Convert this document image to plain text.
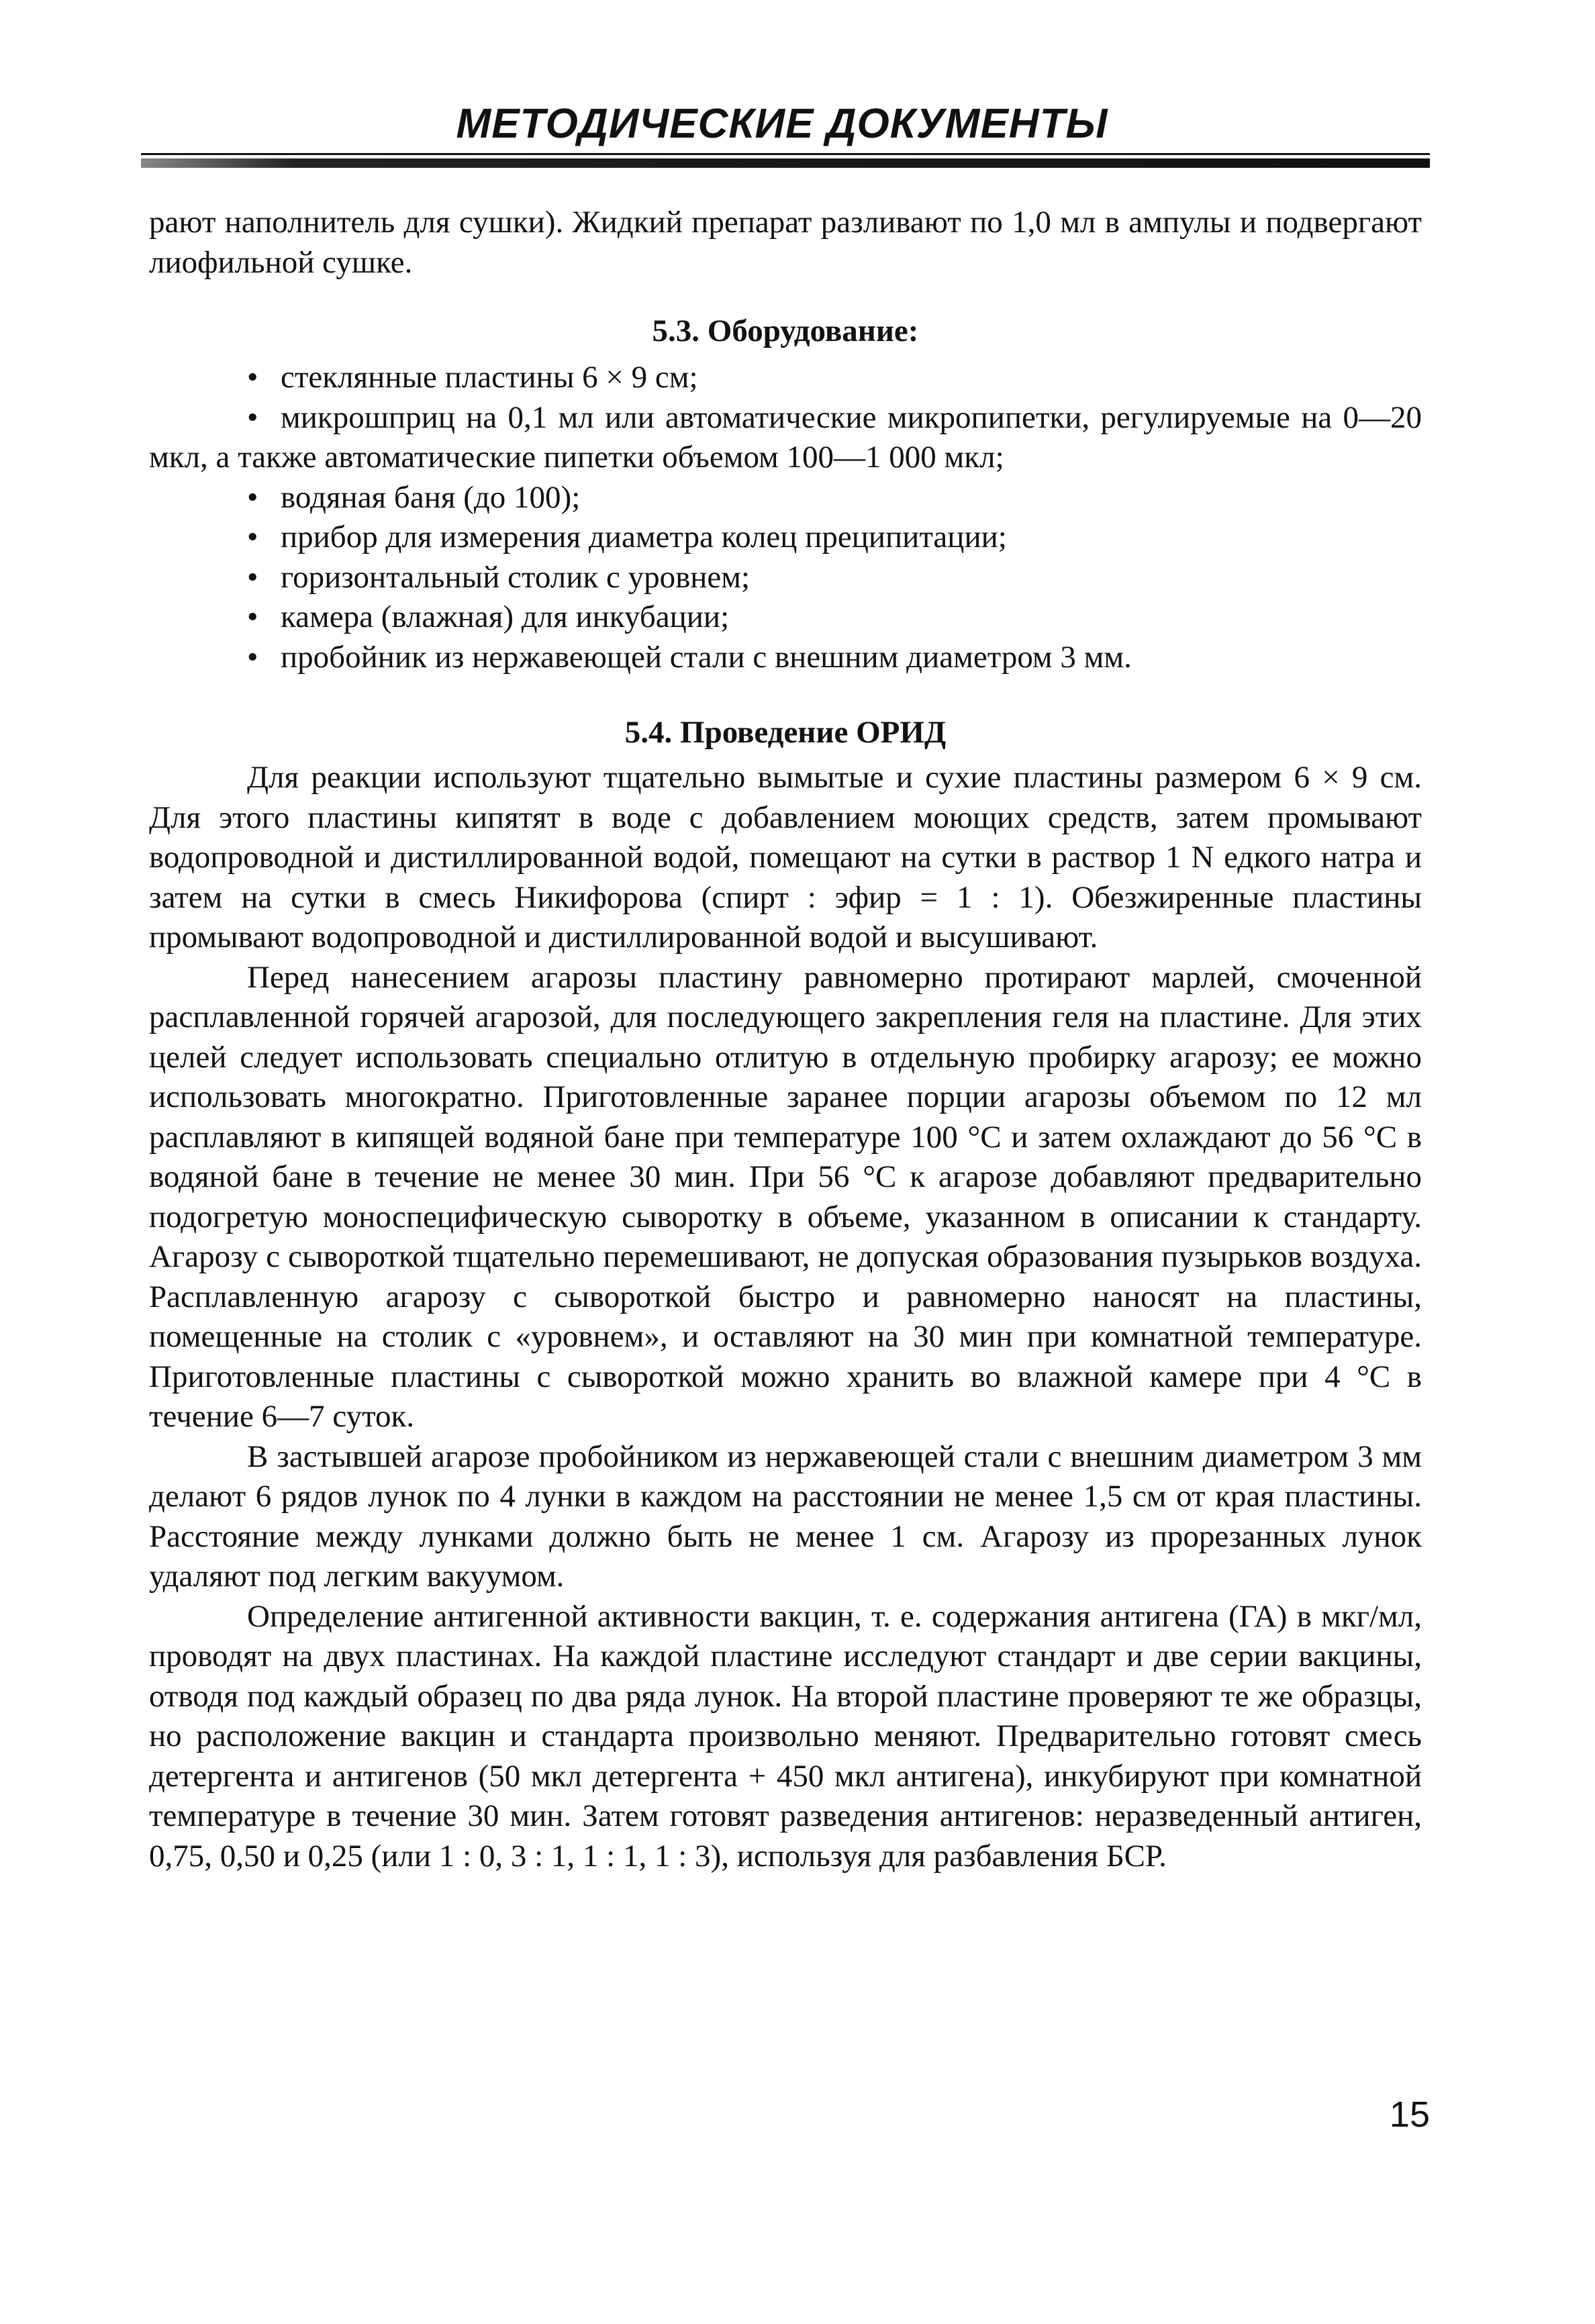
МЕТОДИЧЕСКИЕ ДОКУМЕНТЫ

рают наполнитель для сушки). Жидкий препарат разливают по 1,0 мл в ампулы и подвергают лиофильной сушке.

5.3. Оборудование:
• стеклянные пластины 6 × 9 см;
• микрошприц на 0,1 мл или автоматические микропипетки, регулируемые на 0—20 мкл, а также автоматические пипетки объемом 100—1 000 мкл;
• водяная баня (до 100);
• прибор для измерения диаметра колец преципитации;
• горизонтальный столик с уровнем;
• камера (влажная) для инкубации;
• пробойник из нержавеющей стали с внешним диаметром 3 мм.
5.4. Проведение ОРИД

Для реакции используют тщательно вымытые и сухие пластины размером 6 × 9 см. Для этого пластины кипятят в воде с добавлением моющих средств, затем промывают водопроводной и дистиллированной водой, помещают на сутки в раствор 1 N едкого натра и затем на сутки в смесь Никифорова (спирт : эфир = 1 : 1). Обезжиренные пластины промывают водопроводной и дистиллированной водой и высушивают.

Перед нанесением агарозы пластину равномерно протирают марлей, смоченной расплавленной горячей агарозой, для последующего закрепления геля на пластине. Для этих целей следует использовать специально отлитую в отдельную пробирку агарозу; ее можно использовать многократно. Приготовленные заранее порции агарозы объемом по 12 мл расплавляют в кипящей водяной бане при температуре 100 °С и затем охлаждают до 56 °С в водяной бане в течение не менее 30 мин. При 56 °С к агарозе добавляют предварительно подогретую моноспецифическую сыворотку в объеме, указанном в описании к стандарту. Агарозу с сывороткой тщательно перемешивают, не допуская образования пузырьков воздуха. Расплавленную агарозу с сывороткой быстро и равномерно наносят на пластины, помещенные на столик с «уровнем», и оставляют на 30 мин при комнатной температуре. Приготовленные пластины с сывороткой можно хранить во влажной камере при 4 °С в течение 6—7 суток.

В застывшей агарозе пробойником из нержавеющей стали с внешним диаметром 3 мм делают 6 рядов лунок по 4 лунки в каждом на расстоянии не менее 1,5 см от края пластины. Расстояние между лунками должно быть не менее 1 см. Агарозу из прорезанных лунок удаляют под легким вакуумом.

Определение антигенной активности вакцин, т. е. содержания антигена (ГА) в мкг/мл, проводят на двух пластинах. На каждой пластине исследуют стандарт и две серии вакцины, отводя под каждый образец по два ряда лунок. На второй пластине проверяют те же образцы, но расположение вакцин и стандарта произвольно меняют. Предварительно готовят смесь детергента и антигенов (50 мкл детергента + 450 мкл антигена), инкубируют при комнатной температуре в течение 30 мин. Затем готовят разведения антигенов: неразведенный антиген, 0,75, 0,50 и 0,25 (или 1 : 0, 3 : 1, 1 : 1, 1 : 3), используя для разбавления БСР.

15
